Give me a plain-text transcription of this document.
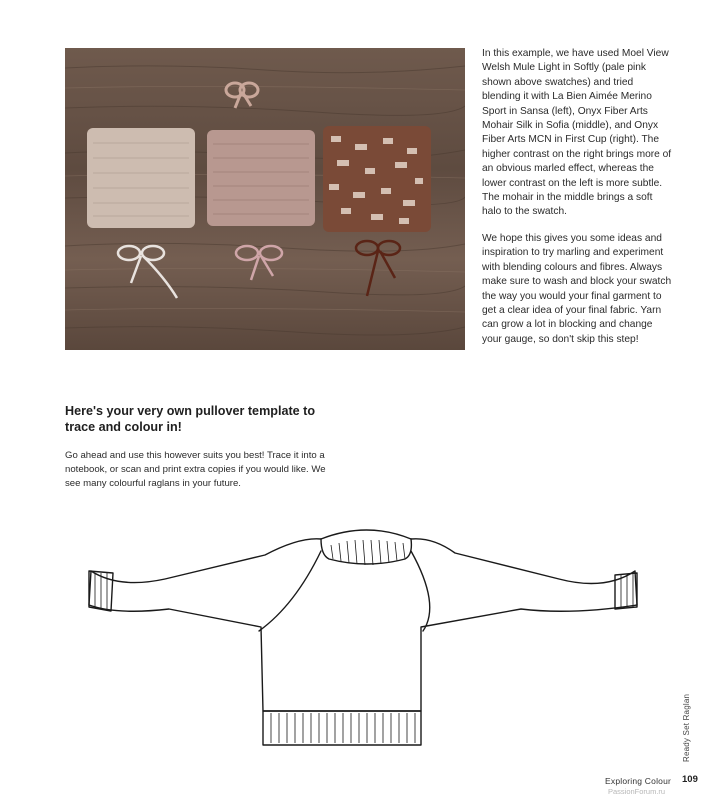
In this example, we have used Moel View Welsh Mule Light in Softly (pale pink shown above swatches) and tried blending it with La Bien Aimée Merino Sport in Sansa (left), Onyx Fiber Arts Mohair Silk in Sofia (middle), and Onyx Fiber Arts MCN in First Cup (right). The higher contrast on the right brings more of an obvious marled effect, whereas the lower contrast on the left is more subtle. The mohair in the middle brings a soft halo to the swatch.

We hope this gives you some ideas and inspiration to try marling and experiment with blending colours and fibres. Always make sure to wash and block your swatch the way you would your final garment to get a clear idea of your final fabric. Yarn can grow a lot in blocking and change your gauge, so don't skip this step!

Here's your very own pullover template to trace and colour in!
Go ahead and use this however suits you best! Trace it into a notebook, or scan and print extra copies if you would like. We see many colourful raglans in your future.
Ready Set Raglan
Exploring Colour 109
PassionForum.ru
